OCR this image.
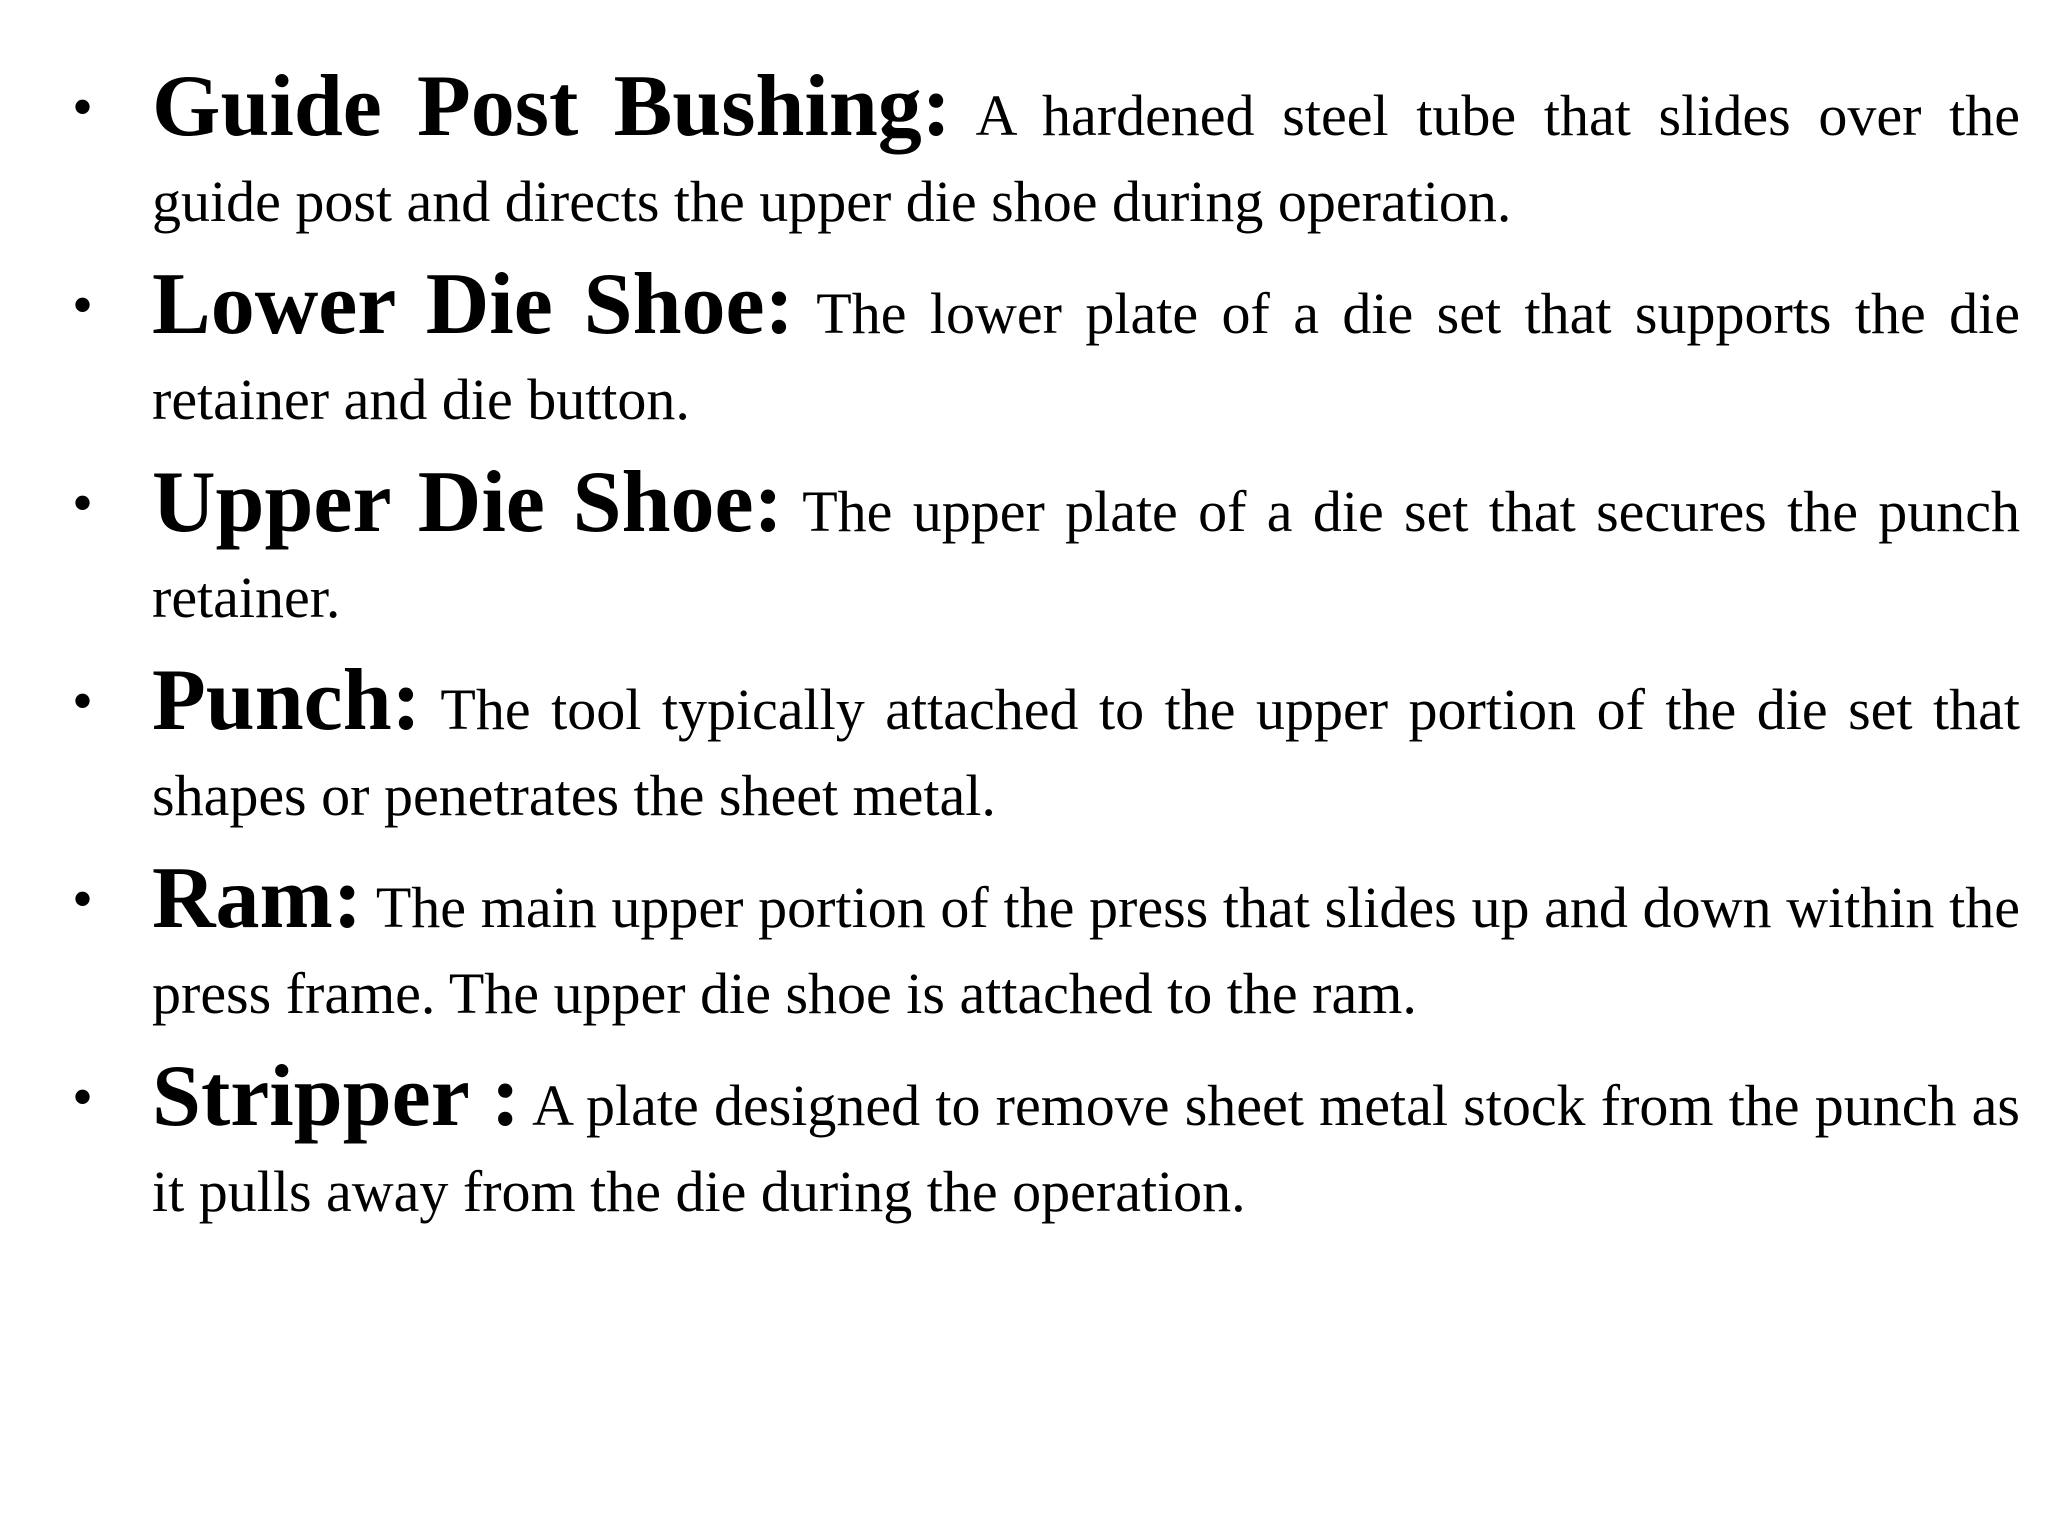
• Guide Post Bushing: A hardened steel tube that slides over the guide post and directs the upper die shoe during operation.
• Lower Die Shoe: The lower plate of a die set that supports the die retainer and die button.
• Upper Die Shoe: The upper plate of a die set that secures the punch retainer.
• Punch: The tool typically attached to the upper portion of the die set that shapes or penetrates the sheet metal.
• Ram: The main upper portion of the press that slides up and down within the press frame. The upper die shoe is attached to the ram.
• Stripper : A plate designed to remove sheet metal stock from the punch as it pulls away from the die during the operation.
